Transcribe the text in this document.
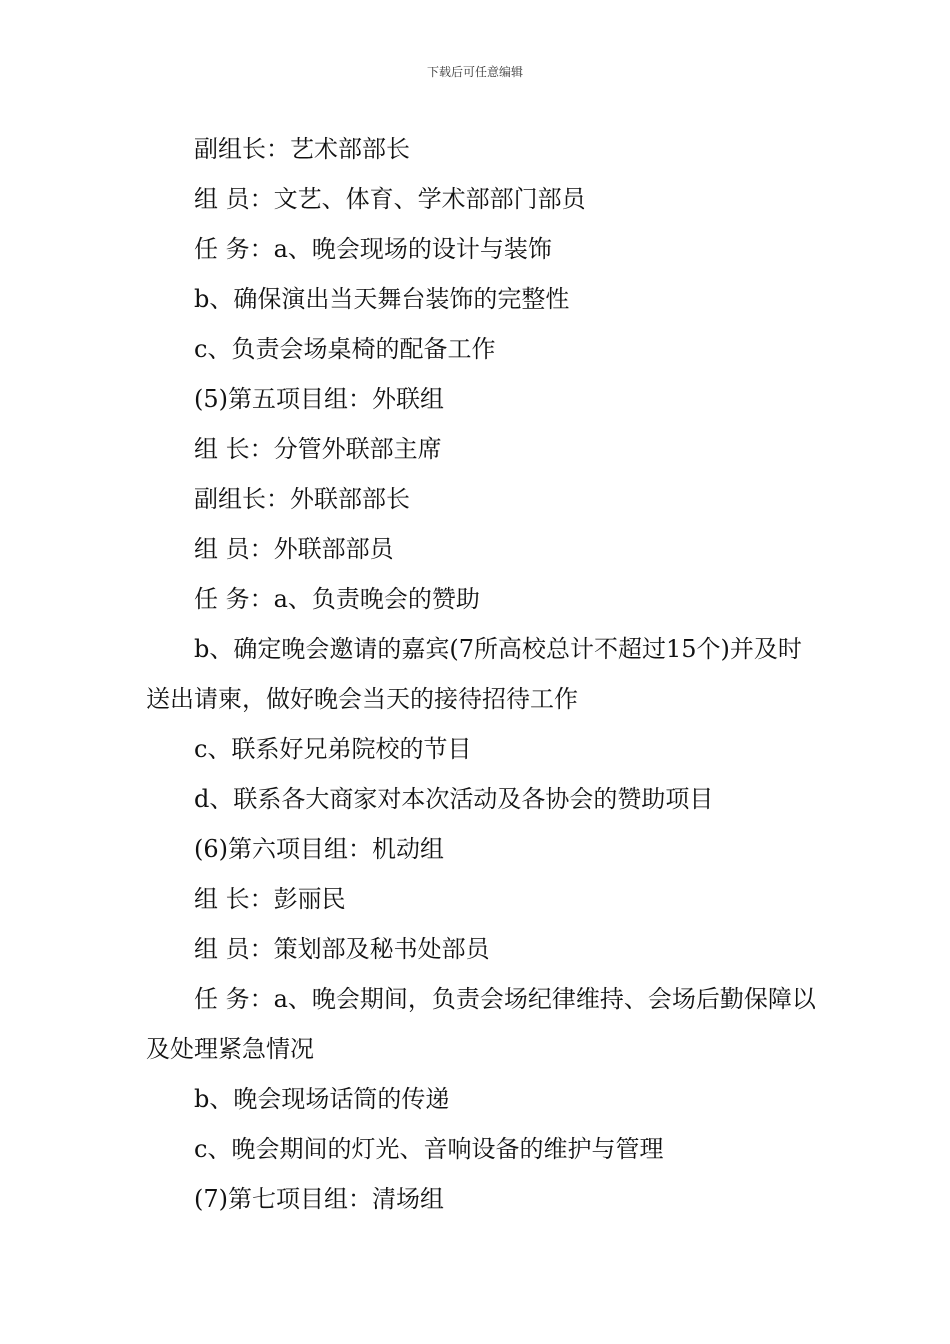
下载后可任意编辑

副组长：艺术部部长

组 员：文艺、体育、学术部部门部员

任 务：a、晚会现场的设计与装饰

b、确保演出当天舞台装饰的完整性

c、负责会场桌椅的配备工作

(5)第五项目组：外联组

组 长：分管外联部主席

副组长：外联部部长

组 员：外联部部员

任 务：a、负责晚会的赞助

b、确定晚会邀请的嘉宾(7所高校总计不超过15个)并及时送出请柬，做好晚会当天的接待招待工作

c、联系好兄弟院校的节目

d、联系各大商家对本次活动及各协会的赞助项目

(6)第六项目组：机动组

组 长：彭丽民

组 员：策划部及秘书处部员

任 务：a、晚会期间，负责会场纪律维持、会场后勤保障以及处理紧急情况

b、晚会现场话筒的传递

c、晚会期间的灯光、音响设备的维护与管理

(7)第七项目组：清场组
